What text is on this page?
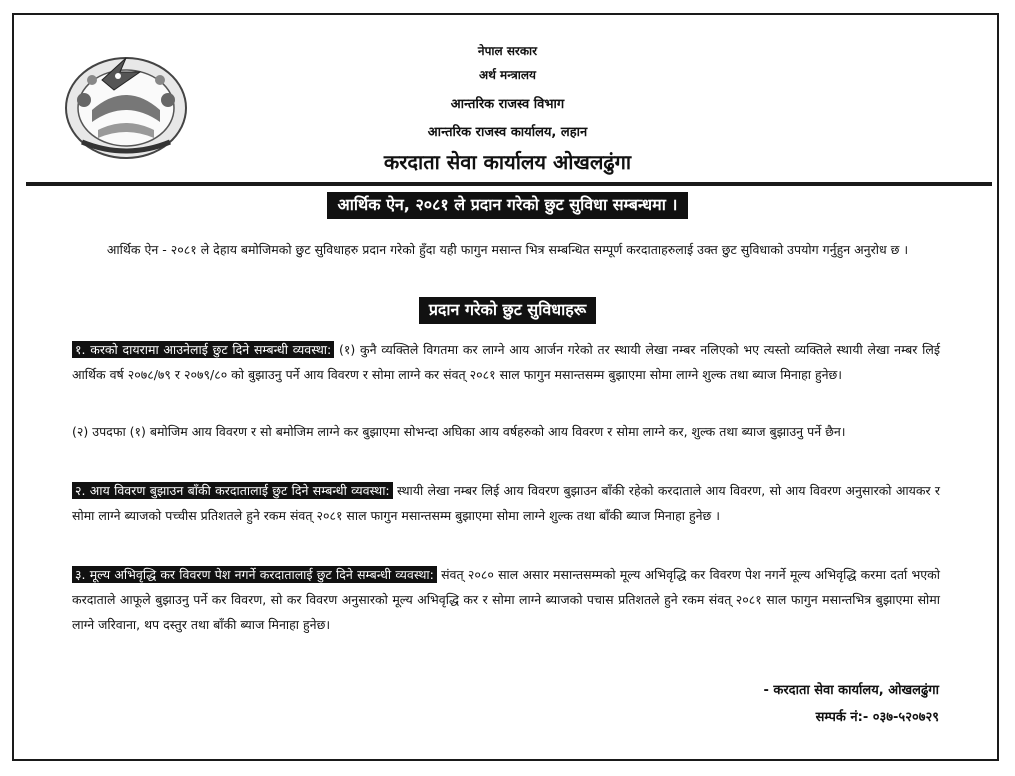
नेपाल सरकार
अर्थ मन्त्रालय
आन्तरिक राजस्व विभाग
आन्तरिक राजस्व कार्यालय, लहान
करदाता सेवा कार्यालय ओखलढुंगा
आर्थिक ऐन, २०८१ ले प्रदान गरेको छुट सुविधा सम्बन्धमा ।
आर्थिक ऐन - २०८१ ले देहाय बमोजिमको छुट सुविधाहरु प्रदान गरेको हुँदा यही फागुन मसान्त भित्र सम्बन्धित सम्पूर्ण करदाताहरुलाई उक्त छुट सुविधाको उपयोग गर्नुहुन अनुरोध छ ।
प्रदान गरेको छुट सुविधाहरू
१. करको दायरामा आउनेलाई छुट दिने सम्बन्धी व्यवस्था: (१) कुनै व्यक्तिले विगतमा कर लाग्ने आय आर्जन गरेको तर स्थायी लेखा नम्बर नलिएको भए त्यस्तो व्यक्तिले स्थायी लेखा नम्बर लिई आर्थिक वर्ष २०७८/७९ र २०७९/८० को बुझाउनु पर्ने आय विवरण र सोमा लाग्ने कर संवत् २०८१ साल फागुन मसान्तसम्म बुझाएमा सोमा लाग्ने शुल्क तथा ब्याज मिनाहा हुनेछ।
(२) उपदफा (१) बमोजिम आय विवरण र सो बमोजिम लाग्ने कर बुझाएमा सोभन्दा अघिका आय वर्षहरुको आय विवरण र सोमा लाग्ने कर, शुल्क तथा ब्याज बुझाउनु पर्ने छैन।
२. आय विवरण बुझाउन बाँकी करदातालाई छुट दिने सम्बन्धी व्यवस्था: स्थायी लेखा नम्बर लिई आय विवरण बुझाउन बाँकी रहेको करदाताले आय विवरण, सो आय विवरण अनुसारको आयकर र सोमा लाग्ने ब्याजको पच्चीस प्रतिशतले हुने रकम संवत् २०८१ साल फागुन मसान्तसम्म बुझाएमा सोमा लाग्ने शुल्क तथा बाँकी ब्याज मिनाहा हुनेछ ।
३. मूल्य अभिवृद्धि कर विवरण पेश नगर्ने करदातालाई छुट दिने सम्बन्धी व्यवस्था: संवत् २०८० साल असार मसान्तसम्मको मूल्य अभिवृद्धि कर विवरण पेश नगर्ने मूल्य अभिवृद्धि करमा दर्ता भएको करदाताले आफूले बुझाउनु पर्ने कर विवरण, सो कर विवरण अनुसारको मूल्य अभिवृद्धि कर र सोमा लाग्ने ब्याजको पचास प्रतिशतले हुने रकम संवत् २०८१ साल फागुन मसान्तभित्र बुझाएमा सोमा लाग्ने जरिवाना, थप दस्तुर तथा बाँकी ब्याज मिनाहा हुनेछ।
- करदाता सेवा कार्यालय, ओखलढुंगा
सम्पर्क नं:- ०३७-५२०७२९
